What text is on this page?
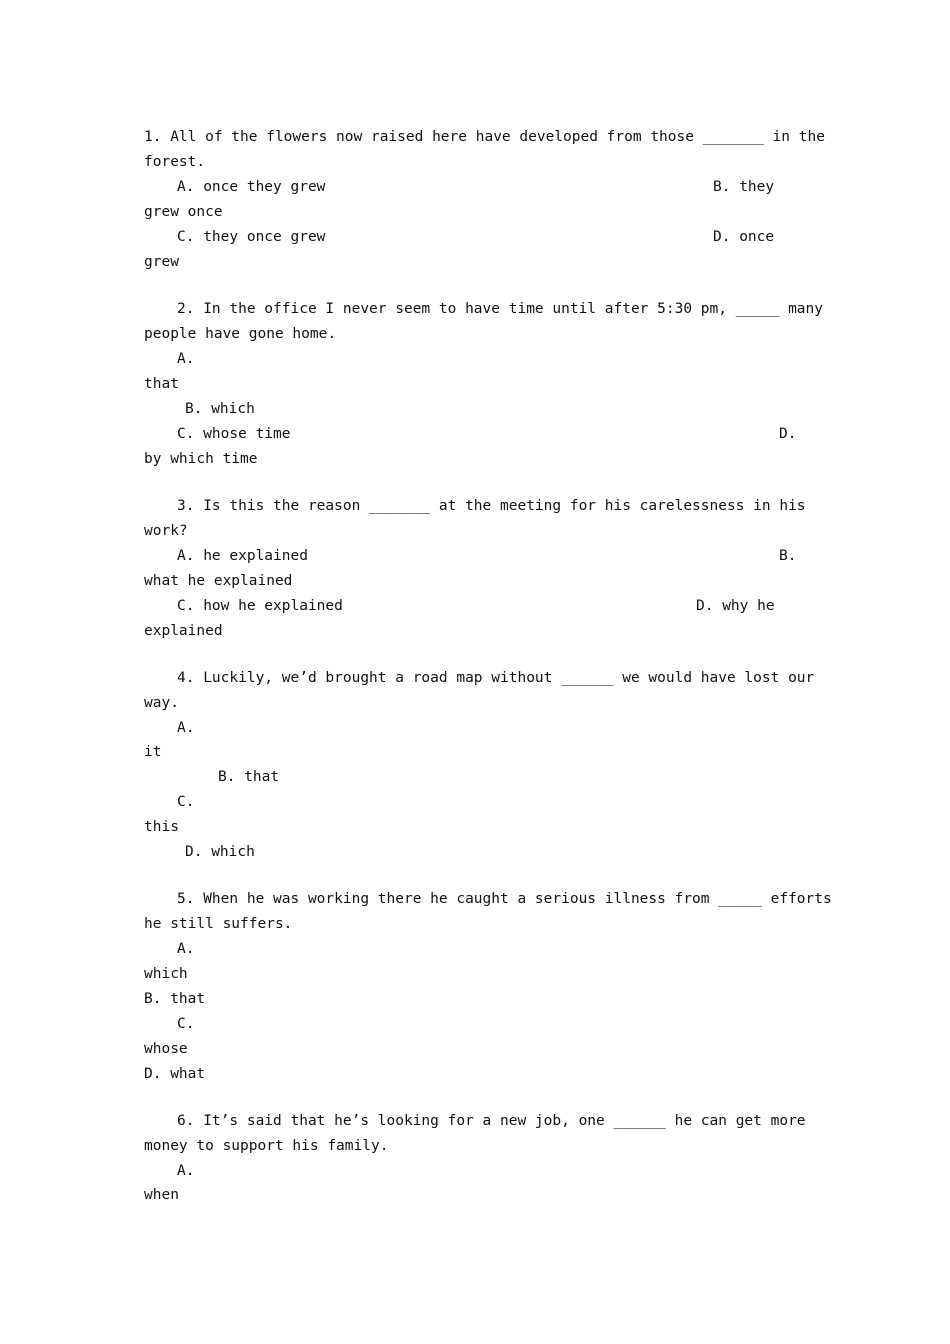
1. All of the flowers now raised here have developed from those _______ in the
forest.
A. once they grew	B. they
grew once
C. they once grew	D. once
grew
2. In the office I never seem to have time until after 5:30 pm, _____ many
people have gone home.
A.
that
B. which
C. whose time	D.
by which time
3. Is this the reason _______ at the meeting for his carelessness in his
work?
A. he explained	B.
what he explained
C. how he explained	D. why he
explained
4. Luckily, we’d brought a road map without ______ we would have lost our
way.
A.
it
B. that
C.
this
D. which
5. When he was working there he caught a serious illness from _____ efforts
he still suffers.
A.
which
B. that
C.
whose
D. what
6. It’s said that he’s looking for a new job, one ______ he can get more
money to support his family.
A.
when
